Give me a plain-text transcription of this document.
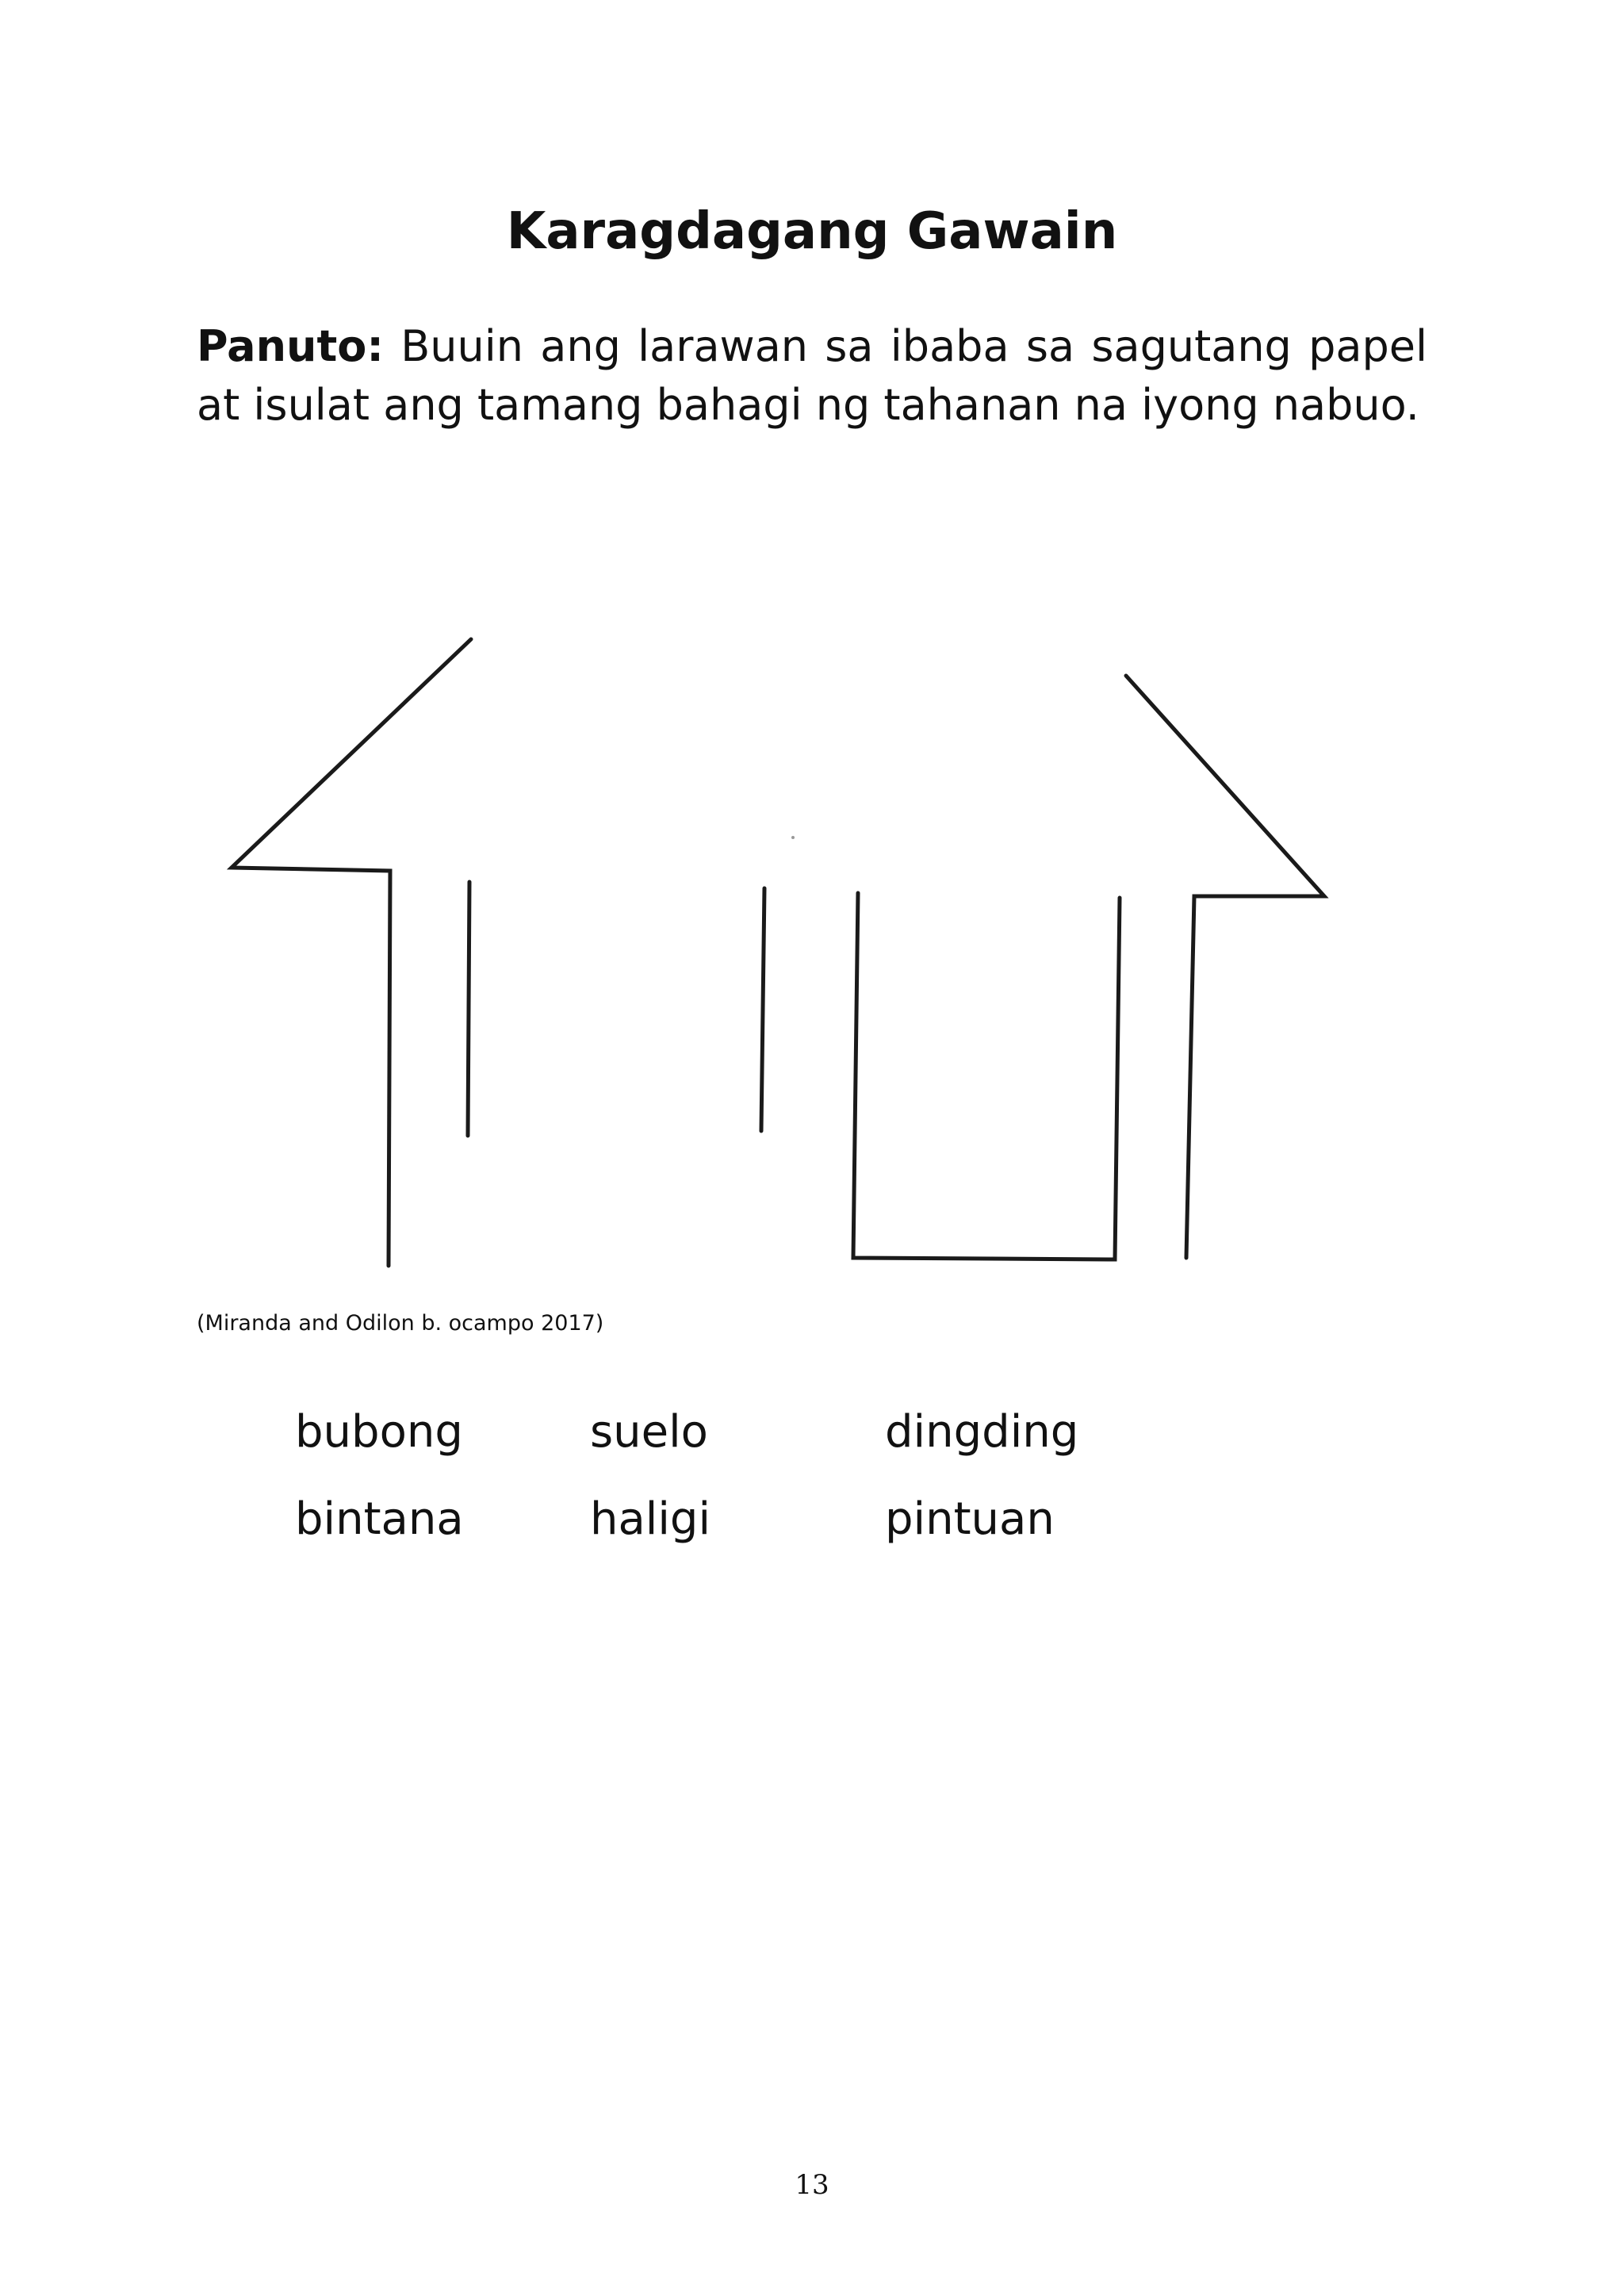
Karagdagang Gawain

Panuto: Buuin ang larawan sa ibaba sa sagutang papel at isulat ang tamang bahagi ng tahanan na iyong nabuo.

(Miranda and Odilon b. ocampo 2017)
bubong	suelo	dingding
bintana	haligi	pintuan
13
